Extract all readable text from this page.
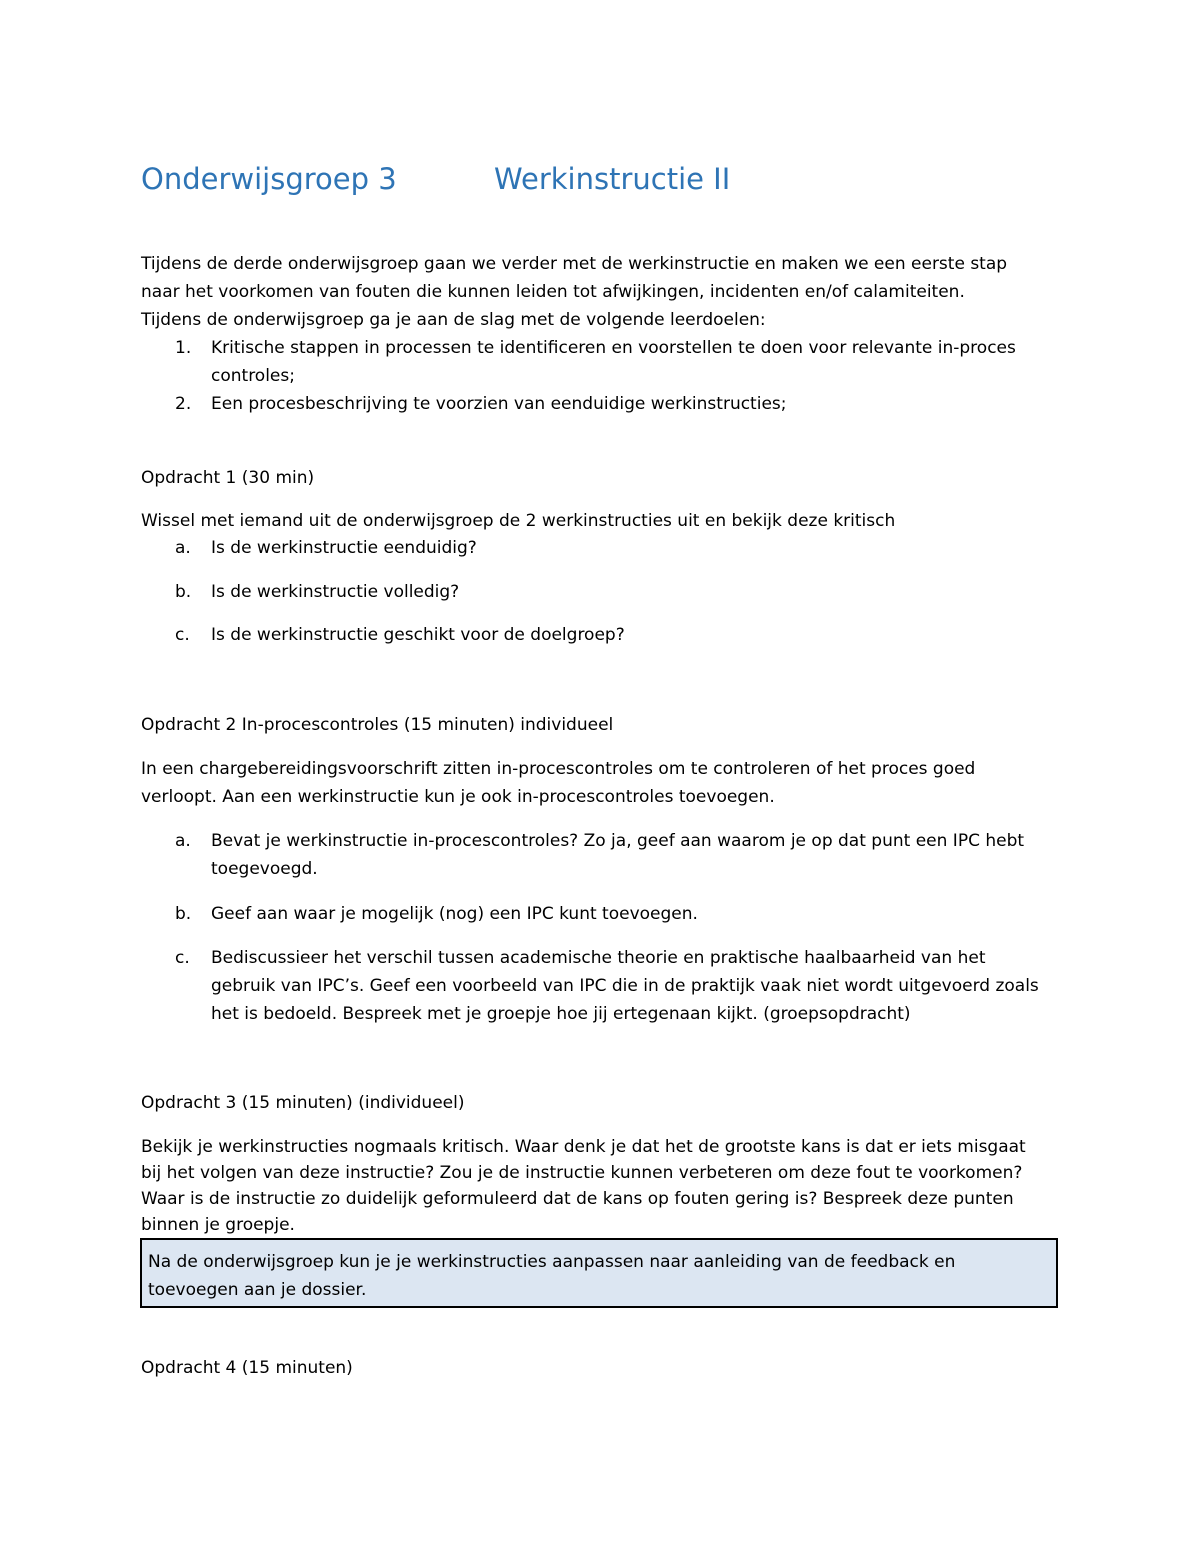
Onderwijsgroep 3	Werkinstructie II

Tijdens de derde onderwijsgroep gaan we verder met de werkinstructie en maken we een eerste stap

naar het voorkomen van fouten die kunnen leiden tot afwijkingen, incidenten en/of calamiteiten.

Tijdens de onderwijsgroep ga je aan de slag met de volgende leerdoelen:

1. Kritische stappen in processen te identificeren en voorstellen te doen voor relevante in-proces
controles;
2. Een procesbeschrijving te voorzien van eenduidige werkinstructies;
Opdracht 1 (30 min)

Wissel met iemand uit de onderwijsgroep de 2 werkinstructies uit en bekijk deze kritisch

a. Is de werkinstructie eenduidig?
b. Is de werkinstructie volledig?
c. Is de werkinstructie geschikt voor de doelgroep?
Opdracht 2 In-procescontroles (15 minuten) individueel

In een chargebereidingsvoorschrift zitten in-procescontroles om te controleren of het proces goed

verloopt. Aan een werkinstructie kun je ook in-procescontroles toevoegen.

a. Bevat je werkinstructie in-procescontroles? Zo ja, geef aan waarom je op dat punt een IPC hebt
toegevoegd.
b. Geef aan waar je mogelijk (nog) een IPC kunt toevoegen.
c. Bediscussieer het verschil tussen academische theorie en praktische haalbaarheid van het
gebruik van IPC’s. Geef een voorbeeld van IPC die in de praktijk vaak niet wordt uitgevoerd zoals
het is bedoeld. Bespreek met je groepje hoe jij ertegenaan kijkt. (groepsopdracht)
Opdracht 3 (15 minuten) (individueel)

Bekijk je werkinstructies nogmaals kritisch. Waar denk je dat het de grootste kans is dat er iets misgaat

bij het volgen van deze instructie? Zou je de instructie kunnen verbeteren om deze fout te voorkomen?

Waar is de instructie zo duidelijk geformuleerd dat de kans op fouten gering is? Bespreek deze punten

binnen je groepje.

Na de onderwijsgroep kun je je werkinstructies aanpassen naar aanleiding van de feedback en
toevoegen aan je dossier.
Opdracht 4 (15 minuten)
